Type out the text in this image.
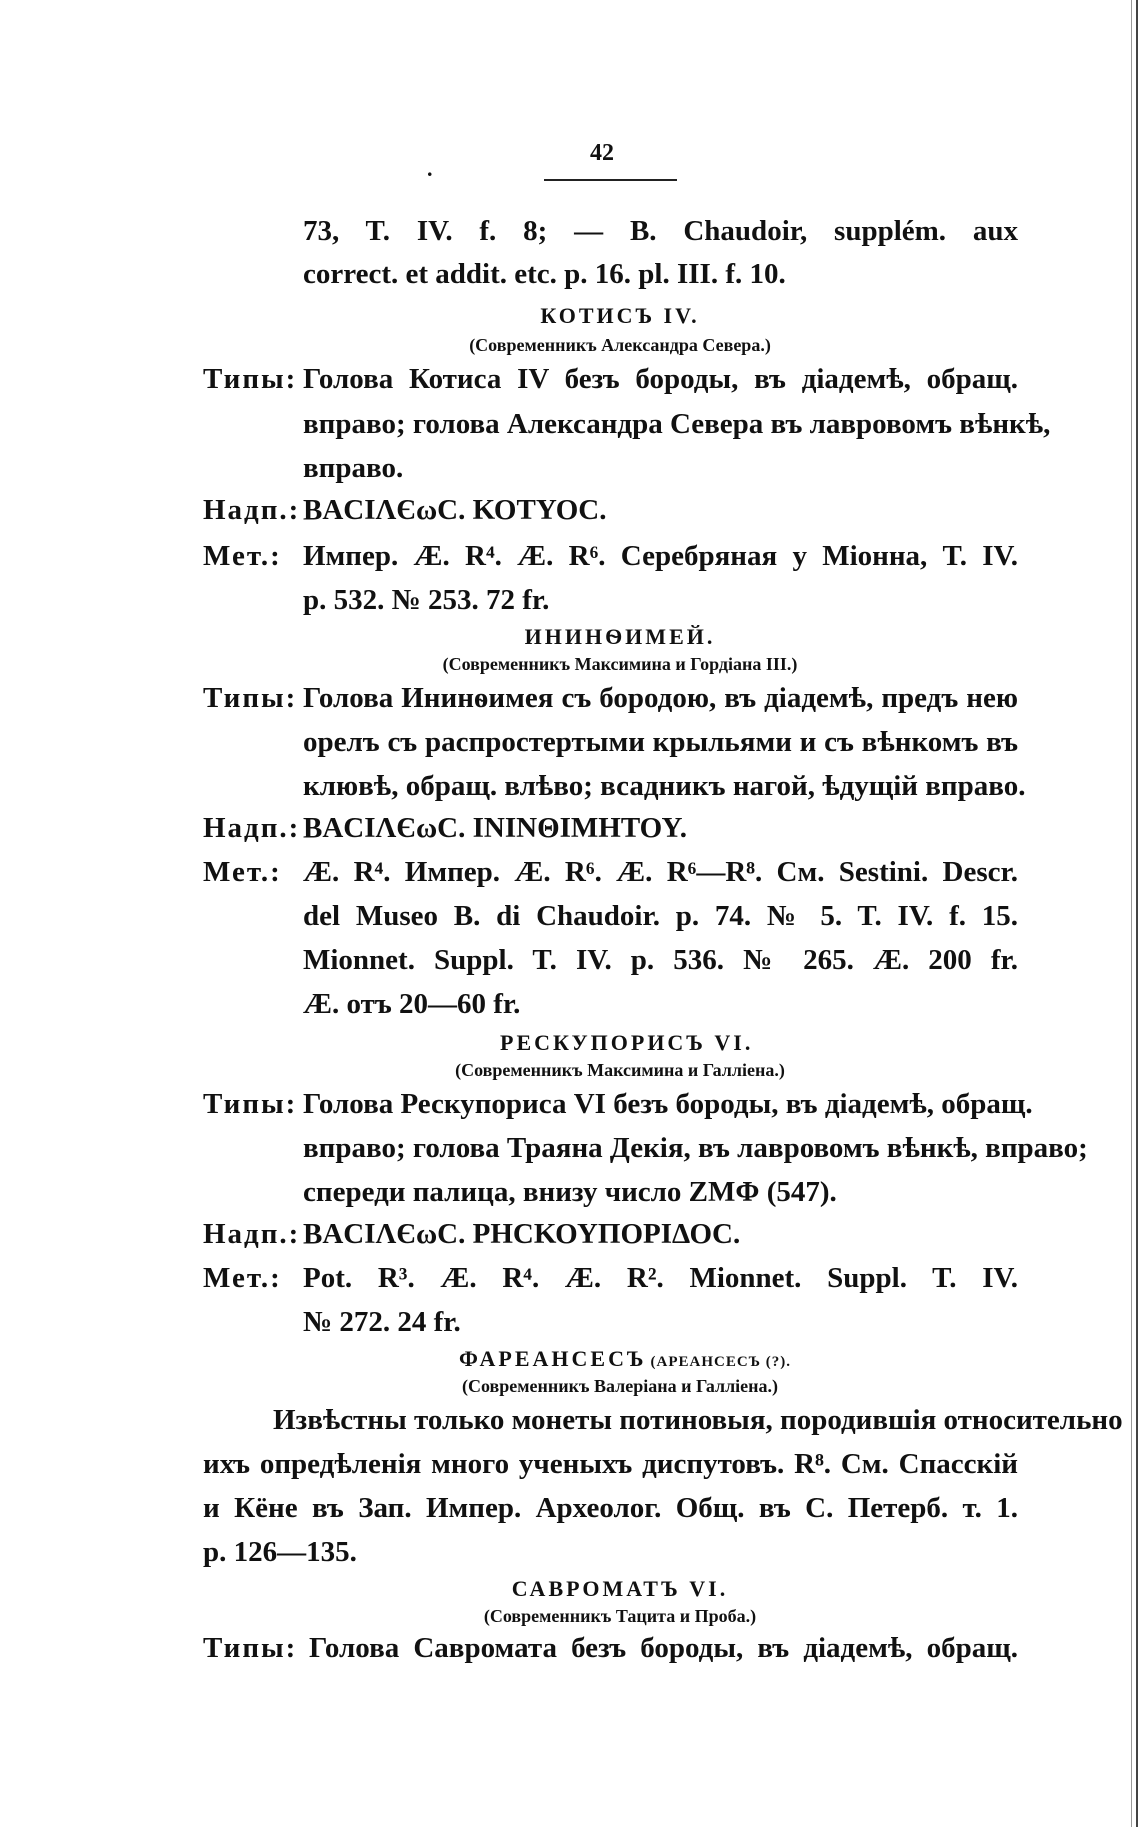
.
42
73, T. IV. f. 8; — B. Chaudoir, supplém. aux
correct. et addit. etc. p. 16. pl. III. f. 10.
КОТИСЪ IV.
(Современникъ Александра Севера.)
Типы: Голова Котиса IV безъ бороды, въ діадемѣ, обращ.
вправо; голова Александра Севера въ лавровомъ вѣнкѣ,
вправо.
Надп.: ΒΑCΙΛЄωC. ΚΟΤΥΟC.
Мет.: Импер. Æ. R⁴. Æ. R⁶. Серебряная у Міонна, T. IV.
p. 532. № 253. 72 fr.
ИНИНѲИМЕЙ.
(Современникъ Максимина и Гордіана III.)
Типы: Голова Ининѳимея съ бородою, въ діадемѣ, предъ нею
орелъ съ распростертыми крыльями и съ вѣнкомъ въ
клювѣ, обращ. влѣво; всадникъ нагой, ѣдущій вправо.
Надп.: ΒΑCΙΛЄωC. ΙΝΙΝΘΙΜΗΤΟΥ.
Мет.: Æ. R⁴. Импер. Æ. R⁶. Æ. R⁶—R⁸. См. Sestini. Descr.
del Museo B. di Chaudoir. p. 74. № 5. T. IV. f. 15.
Mionnet. Suppl. T. IV. p. 536. № 265. Æ. 200 fr.
Æ. отъ 20—60 fr.
РЕСКУПОРИСЪ VI.
(Современникъ Максимина и Галліена.)
Типы: Голова Рескупориса VI безъ бороды, въ діадемѣ, обращ.
вправо; голова Траяна Декія, въ лавровомъ вѣнкѣ, вправо;
спереди палица, внизу число ΖΜΦ (547).
Надп.: ΒΑCΙΛЄωC. ΡΗCΚΟΥΠΟΡΙΔΟC.
Мет.: Pot. R³. Æ. R⁴. Æ. R². Mionnet. Suppl. T. IV.
№ 272. 24 fr.
ФАРЕАНСЕСЪ (АРЕАНСЕСЪ (?).
(Современникъ Валеріана и Галліена.)
Извѣстны только монеты потиновыя, породившія относительно
ихъ опредѣленія много ученыхъ диспутовъ. R⁸. См. Спасскій
и Кёне въ Зап. Импер. Археолог. Общ. въ С. Петерб. т. 1.
p. 126—135.
САВРОМАТЪ VI.
(Современникъ Тацита и Проба.)
Типы: Голова Савромата безъ бороды, въ діадемѣ, обращ.
